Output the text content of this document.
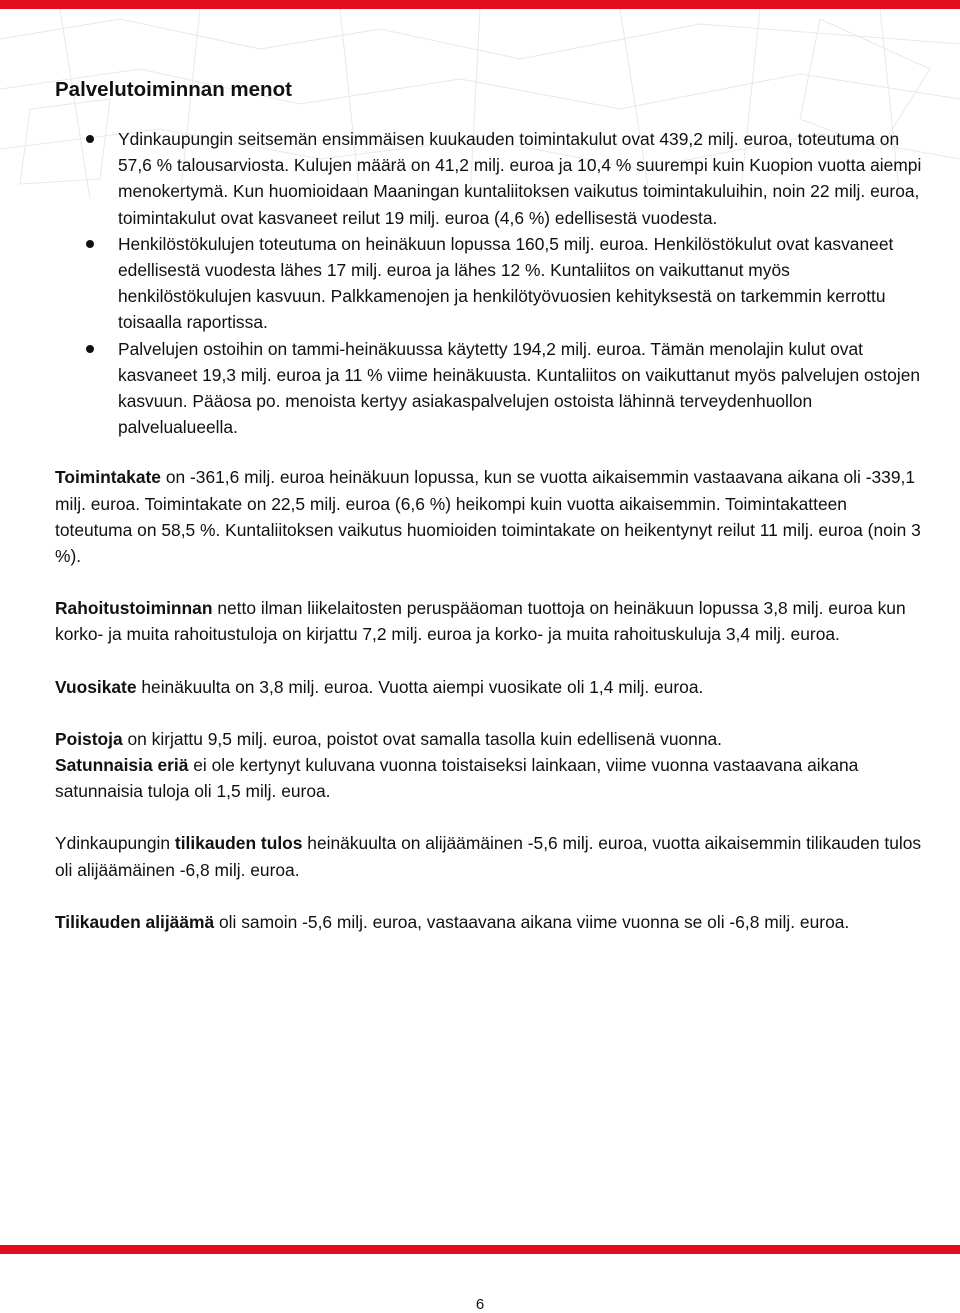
Palvelutoiminnan menot
Ydinkaupungin seitsemän ensimmäisen kuukauden toimintakulut ovat 439,2 milj. euroa, toteutuma on 57,6 % talousarviosta. Kulujen määrä on 41,2 milj. euroa ja 10,4 % suurempi kuin Kuopion vuotta aiempi menokertymä. Kun huomioidaan Maaningan kuntaliitoksen vaikutus toimintakuluihin, noin 22 milj. euroa, toimintakulut ovat kasvaneet reilut 19 milj. euroa (4,6 %) edellisestä vuodesta.
Henkilöstökulujen toteutuma on heinäkuun lopussa 160,5 milj. euroa. Henkilöstökulut ovat kasvaneet edellisestä vuodesta lähes 17 milj. euroa ja lähes 12 %. Kuntaliitos on vaikuttanut myös henkilöstökulujen kasvuun. Palkkamenojen ja henkilötyövuosien kehityksestä on tarkemmin kerrottu toisaalla raportissa.
Palvelujen ostoihin on tammi-heinäkuussa käytetty 194,2 milj. euroa. Tämän menolajin kulut ovat kasvaneet 19,3 milj. euroa ja 11 % viime heinäkuusta. Kuntaliitos on vaikuttanut myös palvelujen ostojen kasvuun. Pääosa po. menoista kertyy asiakaspalvelujen ostoista lähinnä terveydenhuollon palvelualueella.

Toimintakate on -361,6 milj. euroa heinäkuun lopussa, kun se vuotta aikaisemmin vastaavana aikana oli -339,1 milj. euroa. Toimintakate on 22,5 milj. euroa (6,6 %) heikompi kuin vuotta aikaisemmin. Toimintakatteen toteutuma on 58,5 %. Kuntaliitoksen vaikutus huomioiden toimintakate on heikentynyt reilut 11 milj. euroa (noin 3 %).

Rahoitustoiminnan netto ilman liikelaitosten peruspääoman tuottoja on heinäkuun lopussa 3,8 milj. euroa kun korko- ja muita rahoitustuloja on kirjattu 7,2 milj. euroa ja korko- ja muita rahoituskuluja 3,4 milj. euroa.

Vuosikate heinäkuulta on 3,8 milj. euroa. Vuotta aiempi vuosikate oli 1,4 milj. euroa.

Poistoja on kirjattu 9,5 milj. euroa, poistot ovat samalla tasolla kuin edellisenä vuonna.

Satunnaisia eriä ei ole kertynyt kuluvana vuonna toistaiseksi lainkaan, viime vuonna vastaavana aikana satunnaisia tuloja oli 1,5 milj. euroa.

Ydinkaupungin tilikauden tulos heinäkuulta on alijäämäinen -5,6 milj. euroa, vuotta aikaisemmin tilikauden tulos oli alijäämäinen -6,8 milj. euroa.

Tilikauden alijäämä oli samoin -5,6 milj. euroa, vastaavana aikana viime vuonna se oli -6,8 milj. euroa.

6
